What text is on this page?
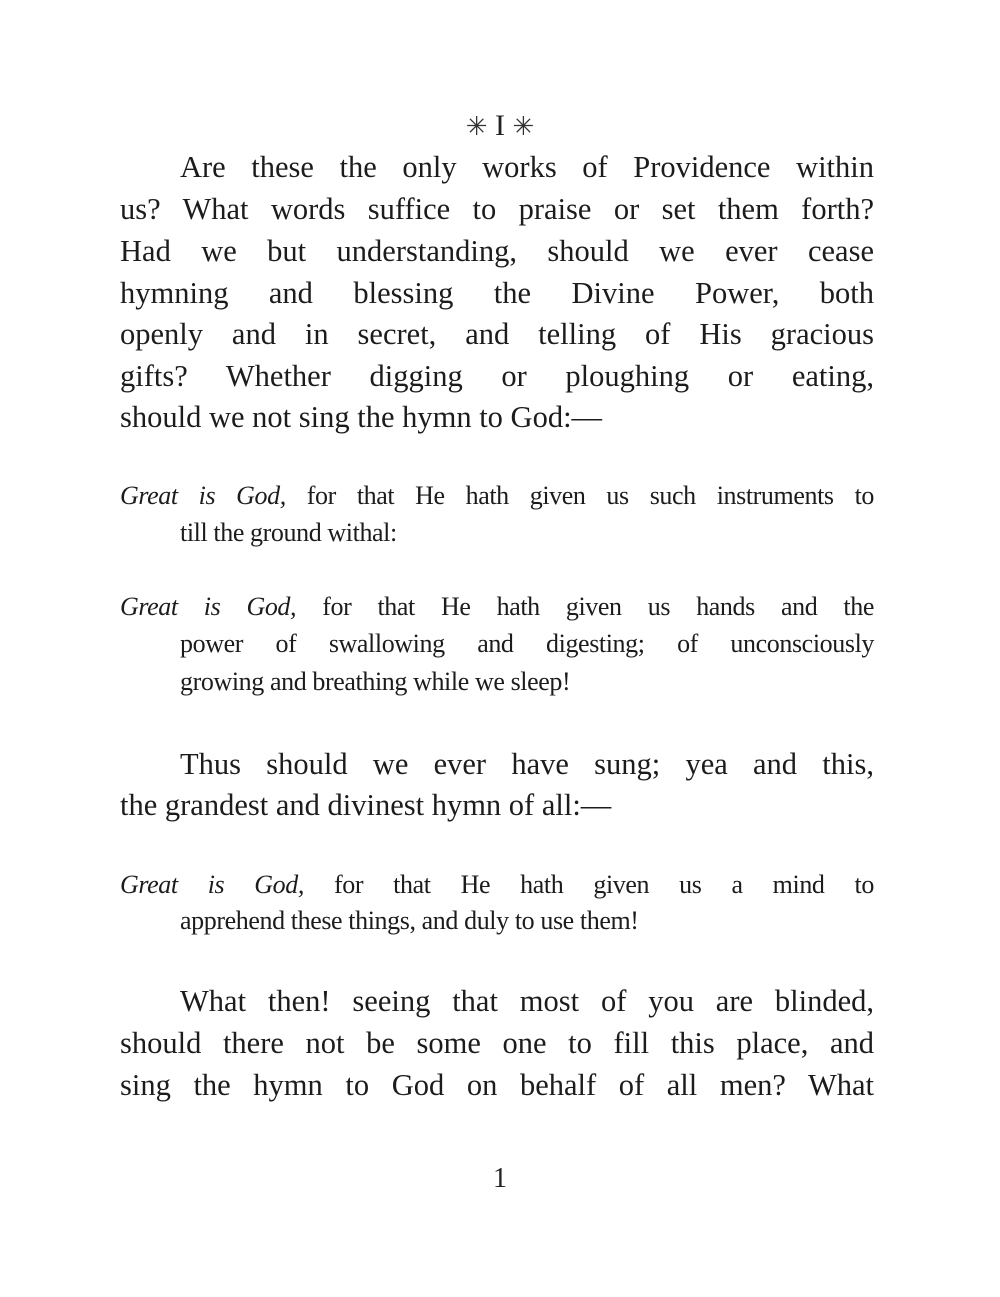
✳ I ✳
Are these the only works of Providence within
us? What words suffice to praise or set them forth?
Had we but understanding, should we ever cease
hymning and blessing the Divine Power, both
openly and in secret, and telling of His gracious
gifts? Whether digging or ploughing or eating,
should we not sing the hymn to God:—
Great is God, for that He hath given us such instruments to
till the ground withal:
Great is God, for that He hath given us hands and the
power of swallowing and digesting; of unconsciously
growing and breathing while we sleep!
Thus should we ever have sung; yea and this,
the grandest and divinest hymn of all:—
Great is God, for that He hath given us a mind to
apprehend these things, and duly to use them!
What then! seeing that most of you are blinded,
should there not be some one to fill this place, and
sing the hymn to God on behalf of all men? What
1
